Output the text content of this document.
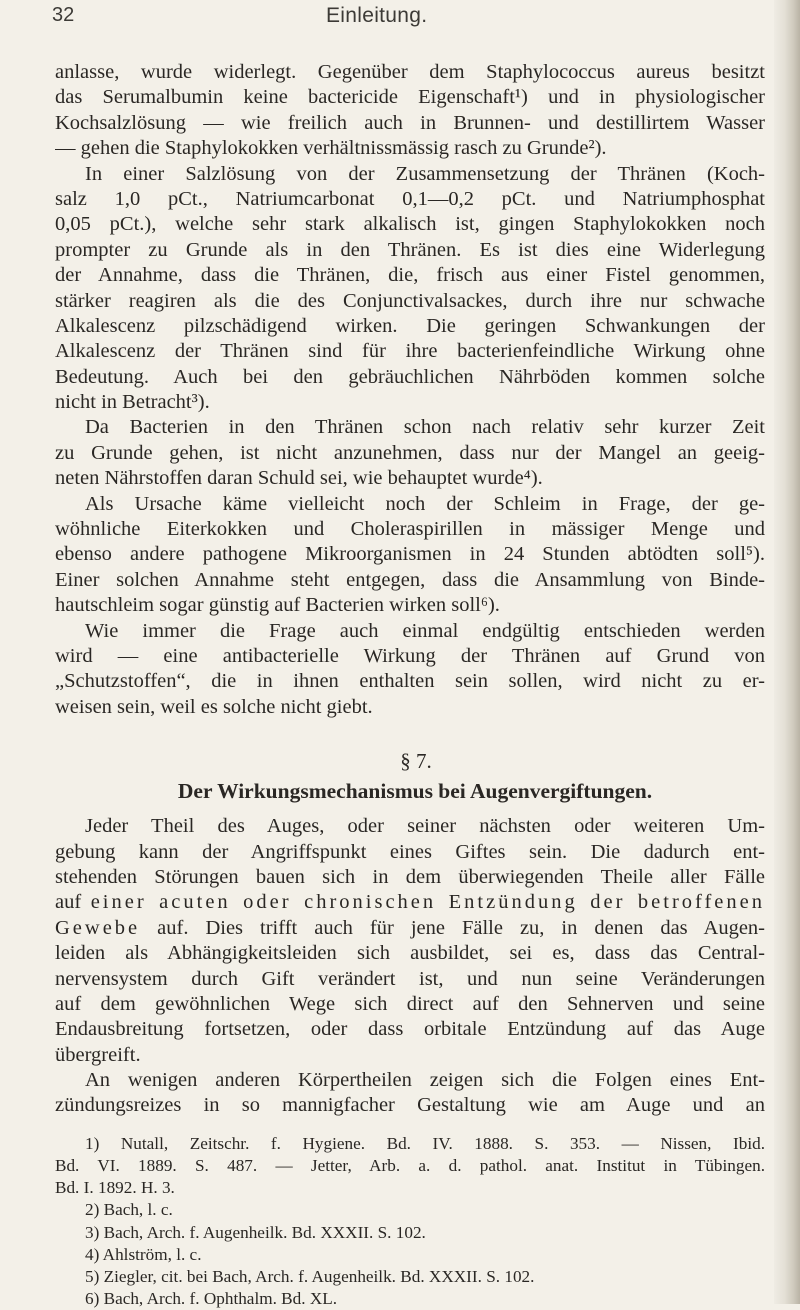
32	Einleitung.
anlasse, wurde widerlegt. Gegenüber dem Staphylococcus aureus besitzt
das Serumalbumin keine bactericide Eigenschaft¹) und in physiologischer
Kochsalzlösung — wie freilich auch in Brunnen- und destillirtem Wasser
— gehen die Staphylokokken verhältnissmässig rasch zu Grunde²).
In einer Salzlösung von der Zusammensetzung der Thränen (Koch-
salz 1,0 pCt., Natriumcarbonat 0,1—0,2 pCt. und Natriumphosphat
0,05 pCt.), welche sehr stark alkalisch ist, gingen Staphylokokken noch
prompter zu Grunde als in den Thränen. Es ist dies eine Widerlegung
der Annahme, dass die Thränen, die, frisch aus einer Fistel genommen,
stärker reagiren als die des Conjunctivalsackes, durch ihre nur schwache
Alkalescenz pilzschädigend wirken. Die geringen Schwankungen der
Alkalescenz der Thränen sind für ihre bacterienfeindliche Wirkung ohne
Bedeutung. Auch bei den gebräuchlichen Nährböden kommen solche
nicht in Betracht³).
Da Bacterien in den Thränen schon nach relativ sehr kurzer Zeit
zu Grunde gehen, ist nicht anzunehmen, dass nur der Mangel an geeig-
neten Nährstoffen daran Schuld sei, wie behauptet wurde⁴).
Als Ursache käme vielleicht noch der Schleim in Frage, der ge-
wöhnliche Eiterkokken und Choleraspirillen in mässiger Menge und
ebenso andere pathogene Mikroorganismen in 24 Stunden abtödten soll⁵).
Einer solchen Annahme steht entgegen, dass die Ansammlung von Binde-
hautschleim sogar günstig auf Bacterien wirken soll⁶).
Wie immer die Frage auch einmal endgültig entschieden werden
wird — eine antibacterielle Wirkung der Thränen auf Grund von
„Schutzstoffen“, die in ihnen enthalten sein sollen, wird nicht zu er-
weisen sein, weil es solche nicht giebt.
§ 7.
Der Wirkungsmechanismus bei Augenvergiftungen.
Jeder Theil des Auges, oder seiner nächsten oder weiteren Um-
gebung kann der Angriffspunkt eines Giftes sein. Die dadurch ent-
stehenden Störungen bauen sich in dem überwiegenden Theile aller Fälle
auf einer acuten oder chronischen Entzündung der betroffenen
Gewebe auf. Dies trifft auch für jene Fälle zu, in denen das Augen-
leiden als Abhängigkeitsleiden sich ausbildet, sei es, dass das Central-
nervensystem durch Gift verändert ist, und nun seine Veränderungen
auf dem gewöhnlichen Wege sich direct auf den Sehnerven und seine
Endausbreitung fortsetzen, oder dass orbitale Entzündung auf das Auge
übergreift.
An wenigen anderen Körpertheilen zeigen sich die Folgen eines Ent-
zündungsreizes in so mannigfacher Gestaltung wie am Auge und an
1) Nutall, Zeitschr. f. Hygiene. Bd. IV. 1888. S. 353. — Nissen, Ibid.
Bd. VI. 1889. S. 487. — Jetter, Arb. a. d. pathol. anat. Institut in Tübingen.
Bd. I. 1892. H. 3.
2) Bach, l. c.
3) Bach, Arch. f. Augenheilk. Bd. XXXII. S. 102.
4) Ahlström, l. c.
5) Ziegler, cit. bei Bach, Arch. f. Augenheilk. Bd. XXXII. S. 102.
6) Bach, Arch. f. Ophthalm. Bd. XL.
